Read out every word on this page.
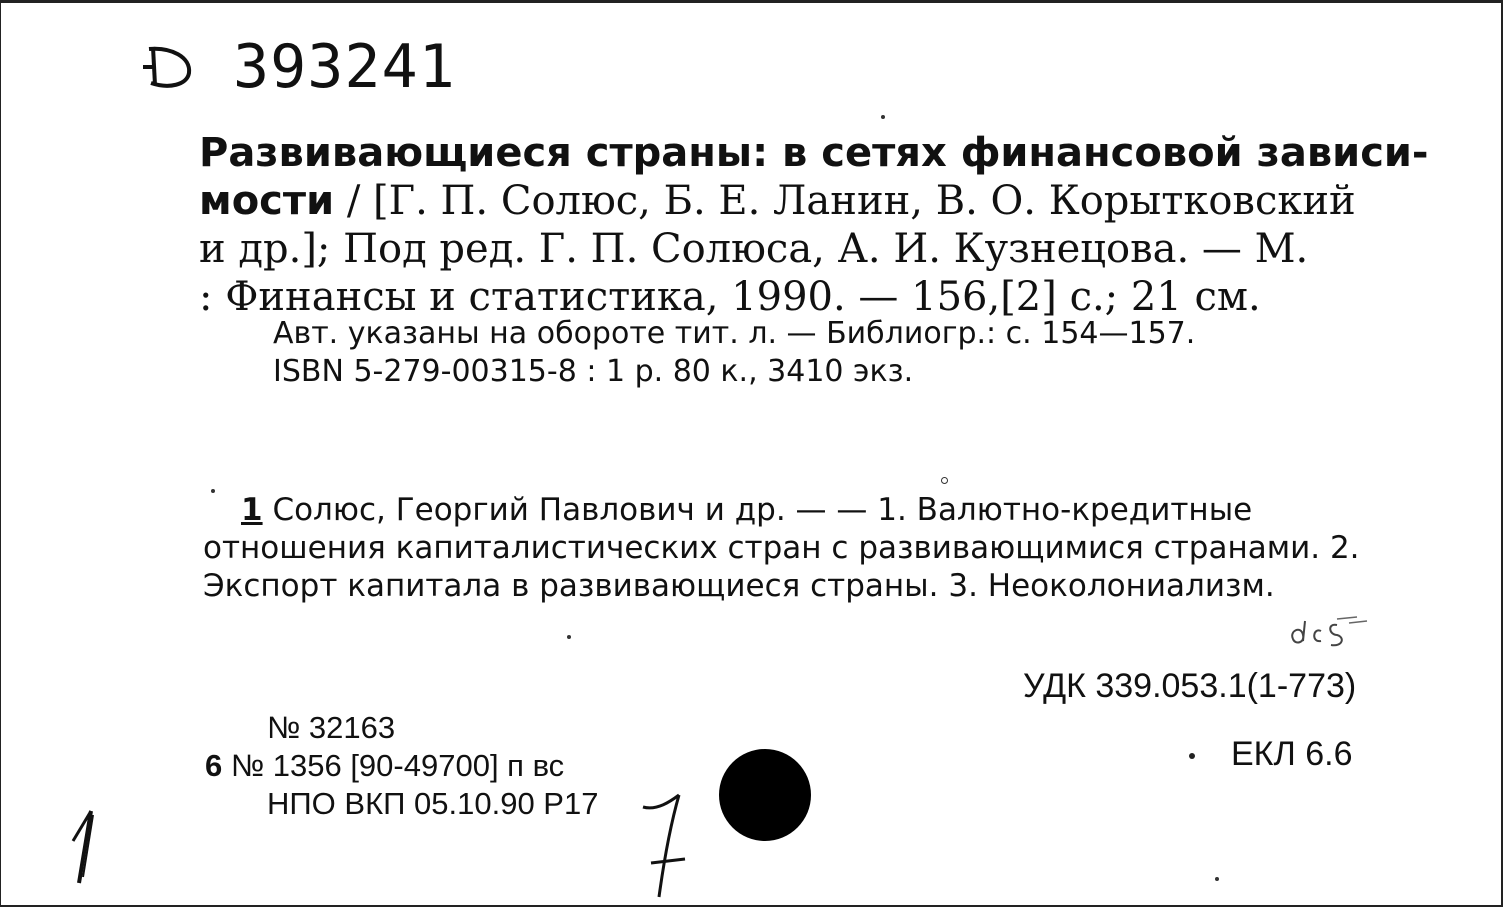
393241
Развивающиеся страны: в сетях финансовой зависи-
мости / [Г. П. Солюс, Б. Е. Ланин, В. О. Корытковский
и др.]; Под ред. Г. П. Солюса, А. И. Кузнецова. — М.
: Финансы и статистика, 1990. — 156,[2] с.; 21 см.
Авт. указаны на обороте тит. л. — Библиогр.: с. 154—157.
ISBN 5-279-00315-8 : 1 р. 80 к., 3410 экз.
1 Солюс, Георгий Павлович и др. — — 1. Валютно-кредитные
отношения капиталистических стран с развивающимися странами. 2.
Экспорт капитала в развивающиеся страны. 3. Неоколониализм.
УДК 339.053.1(1-773)
ЕКЛ 6.6
№ 32163
6 № 1356 [90-49700] п вс
НПО ВКП 05.10.90 Р17
